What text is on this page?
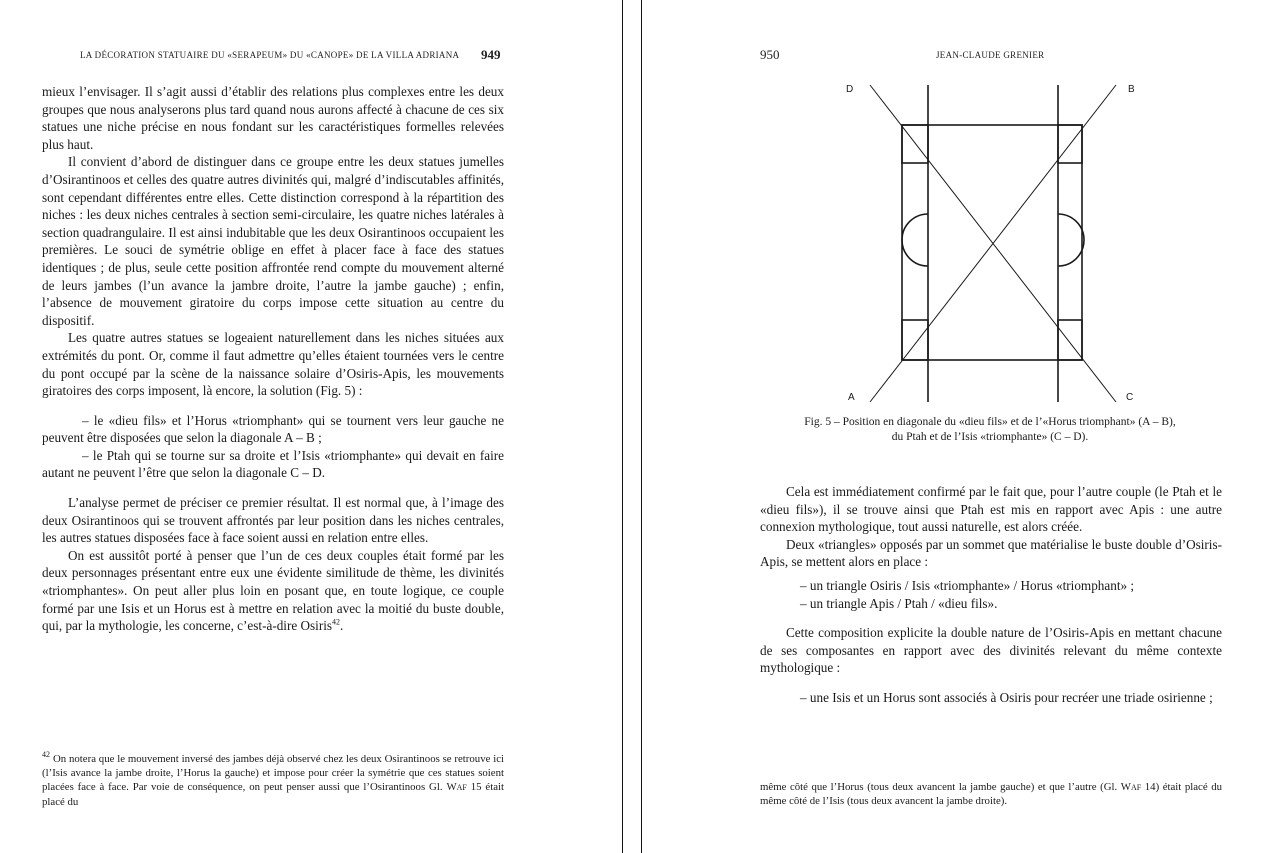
LA DÉCORATION STATUAIRE DU «SERAPEUM» DU «CANOPE» DE LA VILLA ADRIANA 949

mieux l’envisager. Il s’agit aussi d’établir des relations plus complexes entre les deux groupes que nous analyserons plus tard quand nous aurons affecté à chacune de ces six statues une niche précise en nous fondant sur les caractéristiques formelles relevées plus haut.

Il convient d’abord de distinguer dans ce groupe entre les deux statues jumelles d’Osirantinoos et celles des quatre autres divinités qui, malgré d’indiscutables affinités, sont cependant différentes entre elles. Cette distinction correspond à la répartition des niches : les deux niches centrales à section semi-circulaire, les quatre niches latérales à section quadrangulaire. Il est ainsi indubitable que les deux Osirantinoos occupaient les premières. Le souci de symétrie oblige en effet à placer face à face des statues identiques ; de plus, seule cette position affrontée rend compte du mouvement alterné de leurs jambes (l’un avance la jambre droite, l’autre la jambe gauche) ; enfin, l’absence de mouvement giratoire du corps impose cette situation au centre du dispositif.

Les quatre autres statues se logeaient naturellement dans les niches situées aux extrémités du pont. Or, comme il faut admettre qu’elles étaient tournées vers le centre du pont occupé par la scène de la naissance solaire d’Osiris-Apis, les mouvements giratoires des corps imposent, là encore, la solution (Fig. 5) :

– le «dieu fils» et l’Horus «triomphant» qui se tournent vers leur gauche ne peuvent être disposées que selon la diagonale A – B ;

– le Ptah qui se tourne sur sa droite et l’Isis «triomphante» qui devait en faire autant ne peuvent l’être que selon la diagonale C – D.

L’analyse permet de préciser ce premier résultat. Il est normal que, à l’image des deux Osirantinoos qui se trouvent affrontés par leur position dans les niches centrales, les autres statues disposées face à face soient aussi en relation entre elles.

On est aussitôt porté à penser que l’un de ces deux couples était formé par les deux personnages présentant entre eux une évidente similitude de thème, les divinités «triomphantes». On peut aller plus loin en posant que, en toute logique, ce couple formé par une Isis et un Horus est à mettre en relation avec la moitié du buste double, qui, par la mythologie, les concerne, c’est-à-dire Osiris$^{42}$.

$^{42}$ On notera que le mouvement inversé des jambes déjà observé chez les deux Osirantinoos se retrouve ici (l’Isis avance la jambe droite, l’Horus la gauche) et impose pour créer la symétrie que ces statues soient placées face à face. Par voie de conséquence, on peut penser aussi que l’Osirantinoos Gl. Waf 15 était placé du
950	JEAN-CLAUDE GRENIER
D	B
A	C
Fig. 5 – Position en diagonale du «dieu fils» et de l’«Horus triomphant» (A – B),
du Ptah et de l’Isis «triomphante» (C – D).

Cela est immédiatement confirmé par le fait que, pour l’autre couple (le Ptah et le «dieu fils»), il se trouve ainsi que Ptah est mis en rapport avec Apis : une autre connexion mythologique, tout aussi naturelle, est alors créée.

Deux «triangles» opposés par un sommet que matérialise le buste double d’Osiris-Apis, se mettent alors en place :

– un triangle Osiris / Isis «triomphante» / Horus «triomphant» ;

– un triangle Apis / Ptah / «dieu fils».

Cette composition explicite la double nature de l’Osiris-Apis en mettant chacune de ses composantes en rapport avec des divinités relevant du même contexte mythologique :

– une Isis et un Horus sont associés à Osiris pour recréer une triade osirienne ;

même côté que l’Horus (tous deux avancent la jambe gauche) et que l’autre (Gl. Waf 14) était placé du même côté de l’Isis (tous deux avancent la jambe droite).
